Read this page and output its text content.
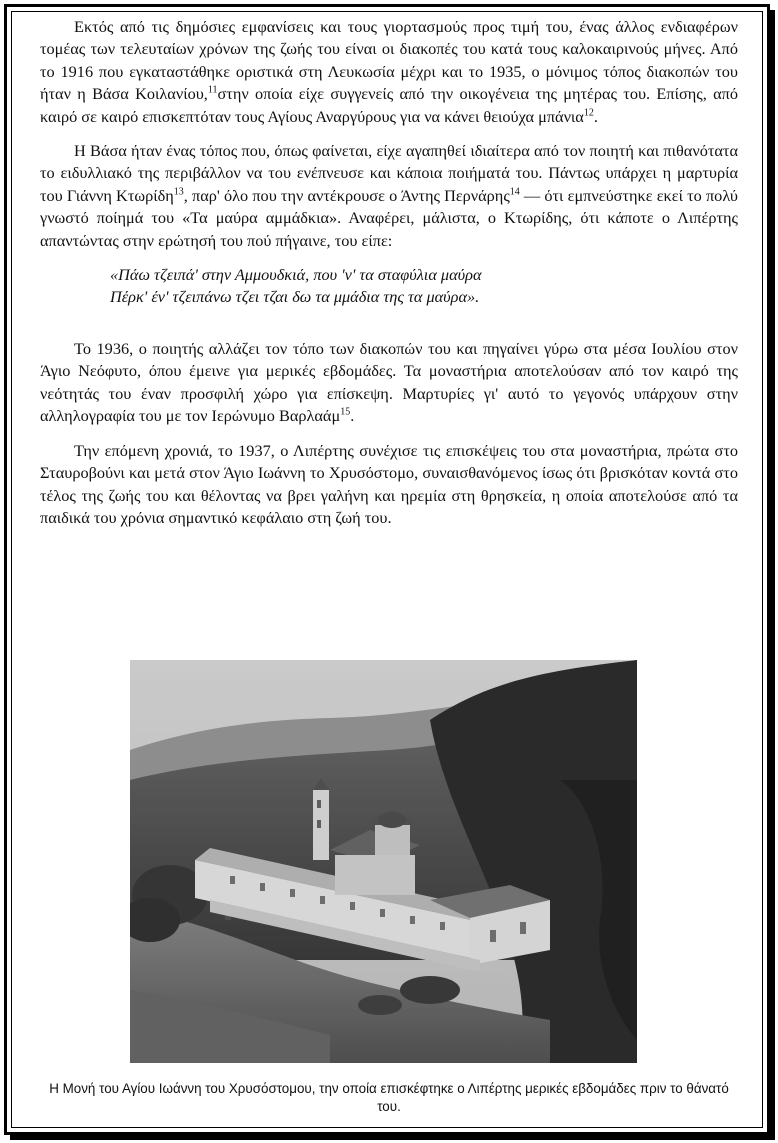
Εκτός από τις δημόσιες εμφανίσεις και τους γιορτασμούς προς τιμή του, ένας άλλος ενδιαφέρων τομέας των τελευταίων χρόνων της ζωής του είναι οι διακοπές του κατά τους καλοκαιρινούς μήνες. Από το 1916 που εγκαταστάθηκε οριστικά στη Λευκωσία μέχρι και το 1935, ο μόνιμος τόπος διακοπών του ήταν η Βάσα Κοιλανίου,$^{11}$στην οποία είχε συγγενείς από την οικογένεια της μητέρας του. Επίσης, από καιρό σε καιρό επισκεπτόταν τους Αγίους Αναργύρους για να κάνει θειούχα μπάνια$^{12}$.

Η Βάσα ήταν ένας τόπος που, όπως φαίνεται, είχε αγαπηθεί ιδιαίτερα από τον ποιητή και πιθανότατα το ειδυλλιακό της περιβάλλον να του ενέπνευσε και κάποια ποιήματά του. Πάντως υπάρχει η μαρτυρία του Γιάννη Κτωρίδη$^{13}$, παρ' όλο που την αντέκρουσε ο Άντης Περνάρης$^{14}$ — ότι εμπνεύστηκε εκεί το πολύ γνωστό ποίημά του «Τα μαύρα αμμάδκια». Αναφέρει, μάλιστα, ο Κτωρίδης, ότι κάποτε ο Λιπέρτης απαντώντας στην ερώτησή του πού πήγαινε, του είπε:

«Πάω τζειπά' στην Αμμουδκιά, που 'ν' τα σταφύλια μαύρα
Πέρκ' έν' τζειπάνω τζει τζαι δω τα μμάδια της τα μαύρα».

Το 1936, ο ποιητής αλλάζει τον τόπο των διακοπών του και πηγαίνει γύρω στα μέσα Ιουλίου στον Άγιο Νεόφυτο, όπου έμεινε για μερικές εβδομάδες. Τα μοναστήρια αποτελούσαν από τον καιρό της νεότητάς του έναν προσφιλή χώρο για επίσκεψη. Μαρτυρίες γι' αυτό το γεγονός υπάρχουν στην αλληλογραφία του με τον Ιερώνυμο Βαρλαάμ$^{15}$.

Την επόμενη χρονιά, το 1937, ο Λιπέρτης συνέχισε τις επισκέψεις του στα μοναστήρια, πρώτα στο Σταυροβούνι και μετά στον Άγιο Ιωάννη το Χρυσόστομο, συναισθανόμενος ίσως ότι βρισκόταν κοντά στο τέλος της ζωής του και θέλοντας να βρει γαλήνη και ηρεμία στη θρησκεία, η οποία αποτελούσε από τα παιδικά του χρόνια σημαντικό κεφάλαιο στη ζωή του.

Η Μονή του Αγίου Ιωάννη του Χρυσόστομου, την οποία επισκέφτηκε ο Λιπέρτης μερικές εβδομάδες πριν το θάνατό του.
